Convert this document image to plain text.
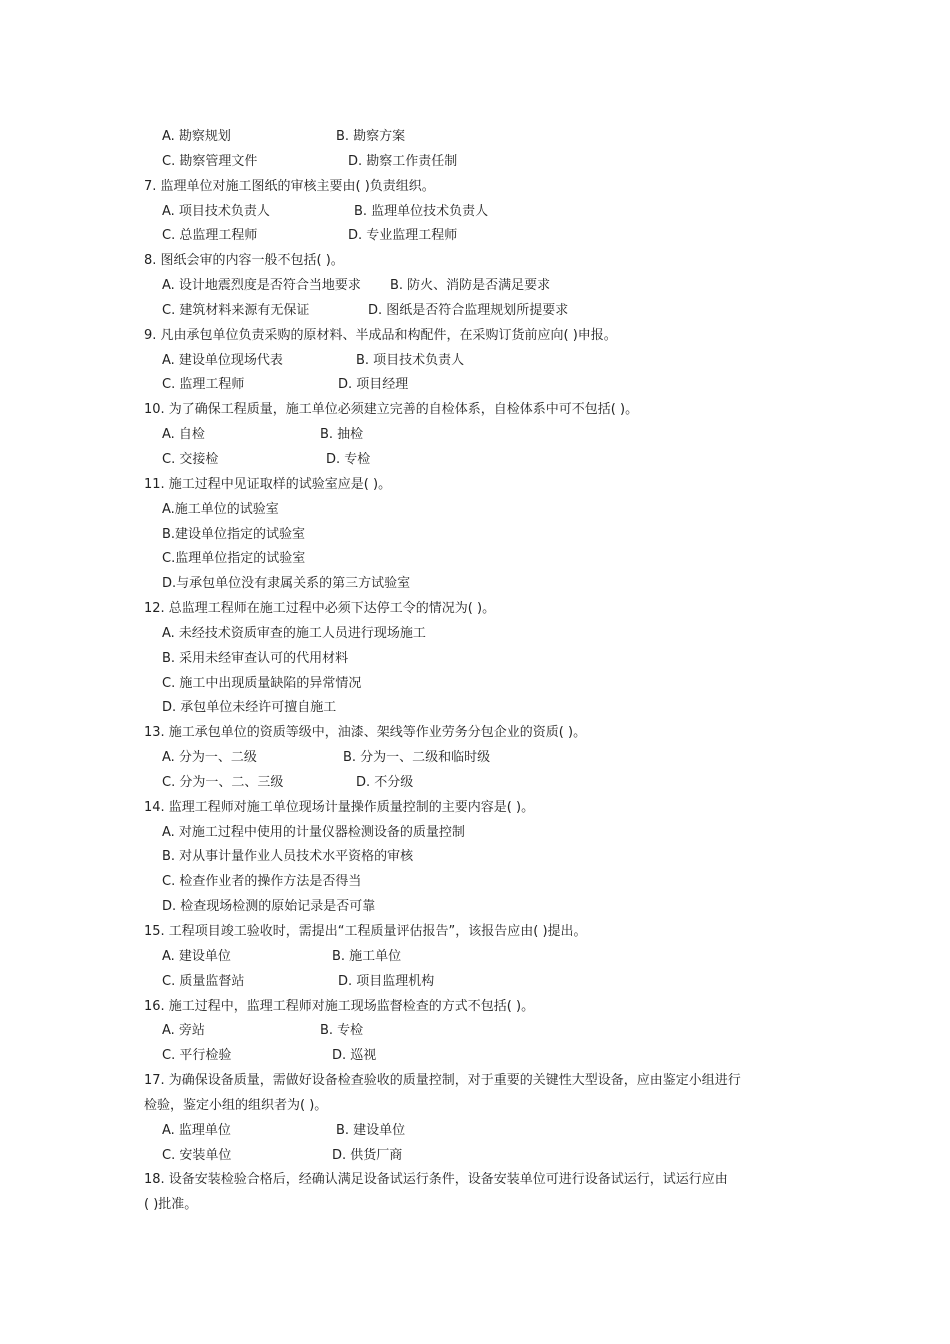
A. 勘察规划	B. 勘察方案
C. 勘察管理文件	D. 勘察工作责任制
7. 监理单位对施工图纸的审核主要由( )负责组织。
A. 项目技术负责人	B. 监理单位技术负责人
C. 总监理工程师	D. 专业监理工程师
8. 图纸会审的内容一般不包括( )。
A. 设计地震烈度是否符合当地要求 B. 防火、消防是否满足要求
C. 建筑材料来源有无保证	D. 图纸是否符合监理规划所提要求
9. 凡由承包单位负责采购的原材料、半成品和构配件，在采购订货前应向( )申报。
A. 建设单位现场代表	B. 项目技术负责人
C. 监理工程师	D. 项目经理
10. 为了确保工程质量，施工单位必须建立完善的自检体系，自检体系中可不包括( )。
A. 自检	B. 抽检
C. 交接检	D. 专检
11. 施工过程中见证取样的试验室应是( )。
A.施工单位的试验室
B.建设单位指定的试验室
C.监理单位指定的试验室
D.与承包单位没有隶属关系的第三方试验室
12. 总监理工程师在施工过程中必须下达停工令的情况为( )。
A. 未经技术资质审查的施工人员进行现场施工
B. 采用未经审查认可的代用材料
C. 施工中出现质量缺陷的异常情况
D. 承包单位未经许可擅自施工
13. 施工承包单位的资质等级中，油漆、架线等作业劳务分包企业的资质( )。
A. 分为一、二级	B. 分为一、二级和临时级
C. 分为一、二、三级	D. 不分级
14. 监理工程师对施工单位现场计量操作质量控制的主要内容是( )。
A. 对施工过程中使用的计量仪器检测设备的质量控制
B. 对从事计量作业人员技术水平资格的审核
C. 检查作业者的操作方法是否得当
D. 检查现场检测的原始记录是否可靠
15. 工程项目竣工验收时，需提出“工程质量评估报告”，该报告应由( )提出。
A. 建设单位	B. 施工单位
C. 质量监督站	D. 项目监理机构
16. 施工过程中，监理工程师对施工现场监督检查的方式不包括( )。
A. 旁站	B. 专检
C. 平行检验	D. 巡视
17. 为确保设备质量，需做好设备检查验收的质量控制，对于重要的关键性大型设备，应由鉴定小组进行
检验，鉴定小组的组织者为( )。
A. 监理单位	B. 建设单位
C. 安装单位	D. 供货厂商
18. 设备安装检验合格后，经确认满足设备试运行条件，设备安装单位可进行设备试运行，试运行应由
( )批准。
